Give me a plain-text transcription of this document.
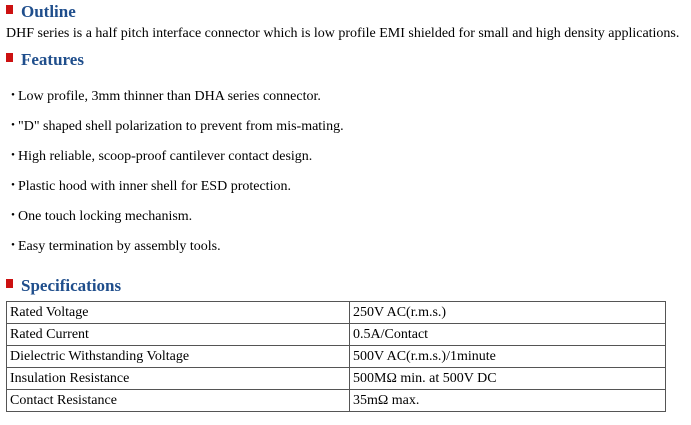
Outline
DHF series is a half pitch interface connector which is low profile EMI shielded for small and high density applications.
Features
・Low profile, 3mm thinner than DHA series connector.
・"D" shaped shell polarization to prevent from mis-mating.
・High reliable, scoop-proof cantilever contact design.
・Plastic hood with inner shell for ESD protection.
・One touch locking mechanism.
・Easy termination by assembly tools.
Specifications
Rated Voltage	250V AC(r.m.s.)
Rated Current	0.5A/Contact
Dielectric Withstanding Voltage	500V AC(r.m.s.)/1minute
Insulation Resistance	500MΩ min. at 500V DC
Contact Resistance	35mΩ max.
